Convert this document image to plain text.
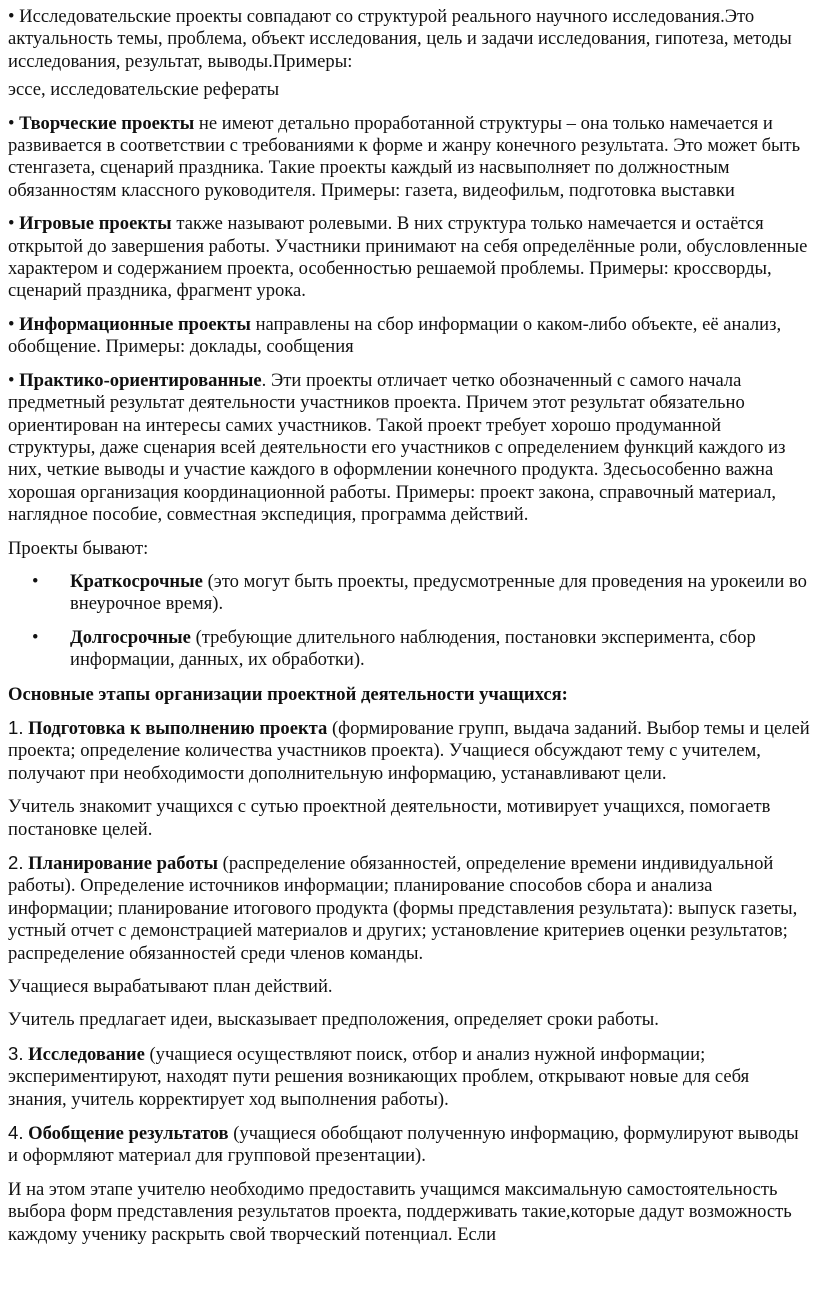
• Исследовательские проекты совпадают со структурой реального научного исследования.Это актуальность темы, проблема, объект исследования, цель и задачи исследования, гипотеза, методы исследования, результат, выводы.Примеры:

эссе, исследовательские рефераты

• Творческие проекты не имеют детально проработанной структуры – она только намечается и развивается в соответствии с требованиями к форме и жанру конечного результата. Это может быть стенгазета, сценарий праздника. Такие проекты каждый из насвыполняет по должностным обязанностям классного руководителя. Примеры: газета, видеофильм, подготовка выставки

• Игровые проекты также называют ролевыми. В них структура только намечается и остаётся открытой до завершения работы. Участники принимают на себя определённые роли, обусловленные характером и содержанием проекта, особенностью решаемой проблемы. Примеры: кроссворды, сценарий праздника, фрагмент урока.

• Информационные проекты направлены на сбор информации о каком-либо объекте, её анализ, обобщение. Примеры: доклады, сообщения

• Практико-ориентированные. Эти проекты отличает четко обозначенный с самого начала предметный результат деятельности участников проекта. Причем этот результат обязательно ориентирован на интересы самих участников. Такой проект требует хорошо продуманной структуры, даже сценария всей деятельности его участников с определением функций каждого из них, четкие выводы и участие каждого в оформлении конечного продукта. Здесьособенно важна хорошая организация координационной работы. Примеры: проект закона, справочный материал, наглядное пособие, совместная экспедиция, программа действий.

Проекты бывают:

• Краткосрочные (это могут быть проекты, предусмотренные для проведения на урокеили во внеурочное время).
• Долгосрочные (требующие длительного наблюдения, постановки эксперимента, сбор информации, данных, их обработки).

Основные этапы организации проектной деятельности учащихся:

1. Подготовка к выполнению проекта (формирование групп, выдача заданий. Выбор темы и целей проекта; определение количества участников проекта). Учащиеся обсуждают тему с учителем, получают при необходимости дополнительную информацию, устанавливают цели.

Учитель знакомит учащихся с сутью проектной деятельности, мотивирует учащихся, помогаетв постановке целей.

2. Планирование работы (распределение обязанностей, определение времени индивидуальной работы). Определение источников информации; планирование способов сбора и анализа информации; планирование итогового продукта (формы представления результата): выпуск газеты, устный отчет с демонстрацией материалов и других; установление критериев оценки результатов; распределение обязанностей среди членов команды.

Учащиеся вырабатывают план действий.

Учитель предлагает идеи, высказывает предположения, определяет сроки работы.

3. Исследование (учащиеся осуществляют поиск, отбор и анализ нужной информации; экспериментируют, находят пути решения возникающих проблем, открывают новые для себя знания, учитель корректирует ход выполнения работы).

4. Обобщение результатов (учащиеся обобщают полученную информацию, формулируют выводы и оформляют материал для групповой презентации).

И на этом этапе учителю необходимо предоставить учащимся максимальную самостоятельность выбора форм представления результатов проекта, поддерживать такие,которые дадут возможность каждому ученику раскрыть свой творческий потенциал. Если
